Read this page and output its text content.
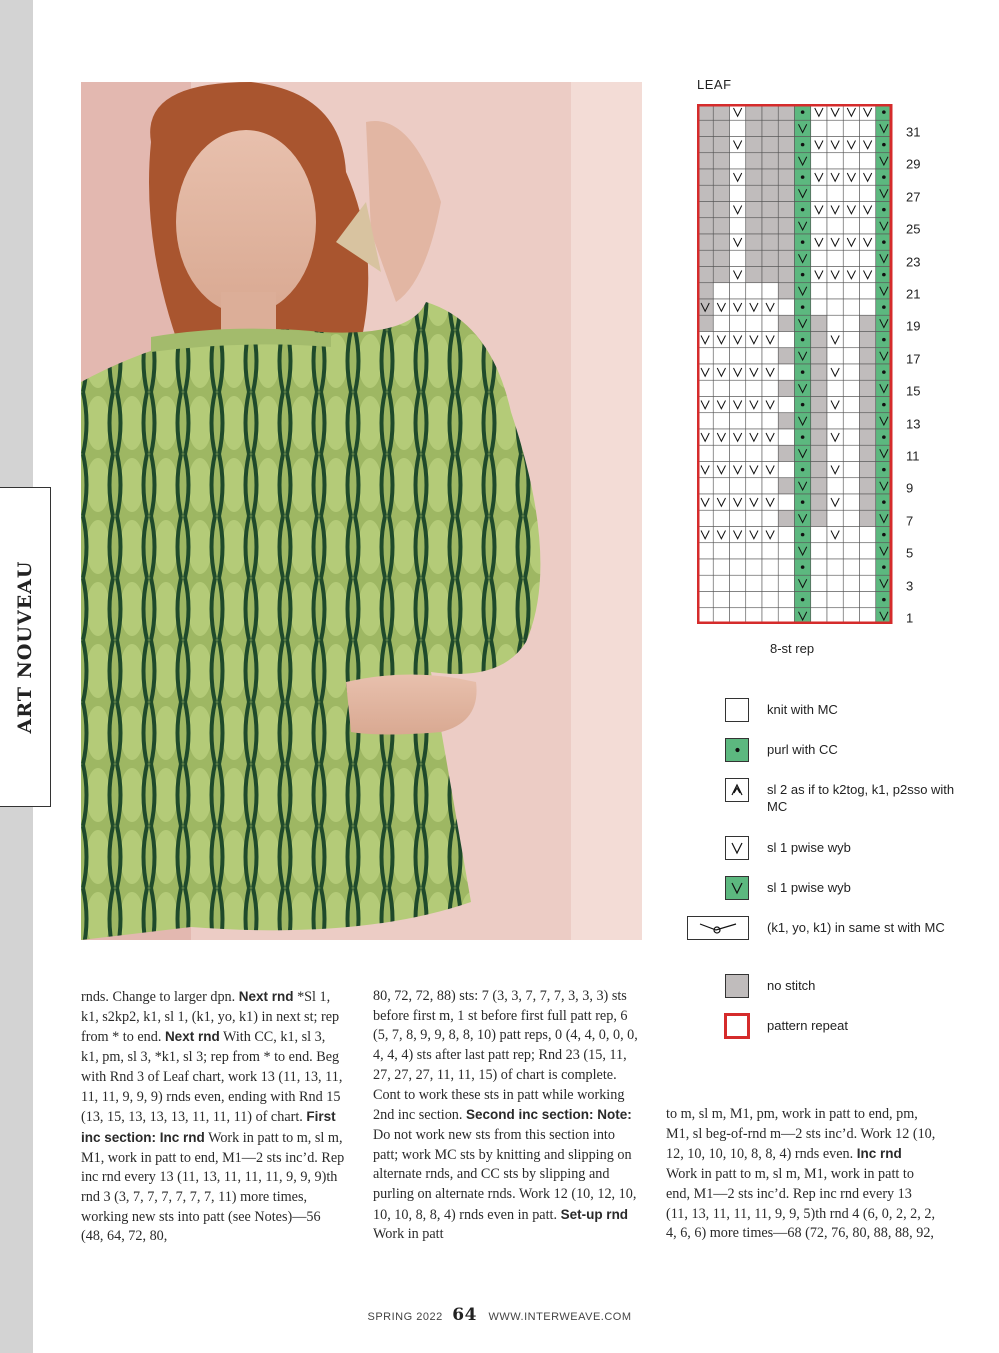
ART NOUVEAU
LEAF
31
29
27
25
23
21
19
17
15
13
11
9
7
5
3
1
8-st rep
knit with MC
purl with CC
sl 2 as if to k2tog, k1, p2sso with MC
sl 1 pwise wyb
sl 1 pwise wyb
(k1, yo, k1) in same st with MC
no stitch
pattern repeat
rnds. Change to larger dpn. Next rnd *Sl 1, k1, s2kp2, k1, sl 1, (k1, yo, k1) in next st; rep from * to end. Next rnd With CC, k1, sl 3, k1, pm, sl 3, *k1, sl 3; rep from * to end. Beg with Rnd 3 of Leaf chart, work 13 (11, 13, 11, 11, 11, 9, 9, 9) rnds even, ending with Rnd 15 (13, 15, 13, 13, 13, 11, 11, 11) of chart. First inc section: Inc rnd Work in patt to m, sl m, M1, work in patt to end, M1—2 sts inc’d. Rep inc rnd every 13 (11, 13, 11, 11, 11, 9, 9, 9)th rnd 3 (3, 7, 7, 7, 7, 7, 7, 11) more times, working new sts into patt (see Notes)—56 (48, 64, 72, 80,
80, 72, 72, 88) sts: 7 (3, 3, 7, 7, 7, 3, 3, 3) sts before first m, 1 st before first full patt rep, 6 (5, 7, 8, 9, 9, 8, 8, 10) patt reps, 0 (4, 4, 0, 0, 0, 4, 4, 4) sts after last patt rep; Rnd 23 (15, 11, 27, 27, 27, 11, 11, 15) of chart is complete. Cont to work these sts in patt while working 2nd inc section. Second inc section: Note: Do not work new sts from this section into patt; work MC sts by knitting and slipping on alternate rnds, and CC sts by slipping and purling on alternate rnds. Work 12 (10, 12, 10, 10, 10, 8, 8, 4) rnds even in patt. Set-up rnd Work in patt
to m, sl m, M1, pm, work in patt to end, pm, M1, sl beg-of-rnd m—2 sts inc’d. Work 12 (10, 12, 10, 10, 10, 8, 8, 4) rnds even. Inc rnd Work in patt to m, sl m, M1, work in patt to end, M1—2 sts inc’d. Rep inc rnd every 13 (11, 13, 11, 11, 11, 9, 9, 5)th rnd 4 (6, 0, 2, 2, 2, 4, 6, 6) more times—68 (72, 76, 80, 88, 88, 92,
SPRING 2022 64 WWW.INTERWEAVE.COM
